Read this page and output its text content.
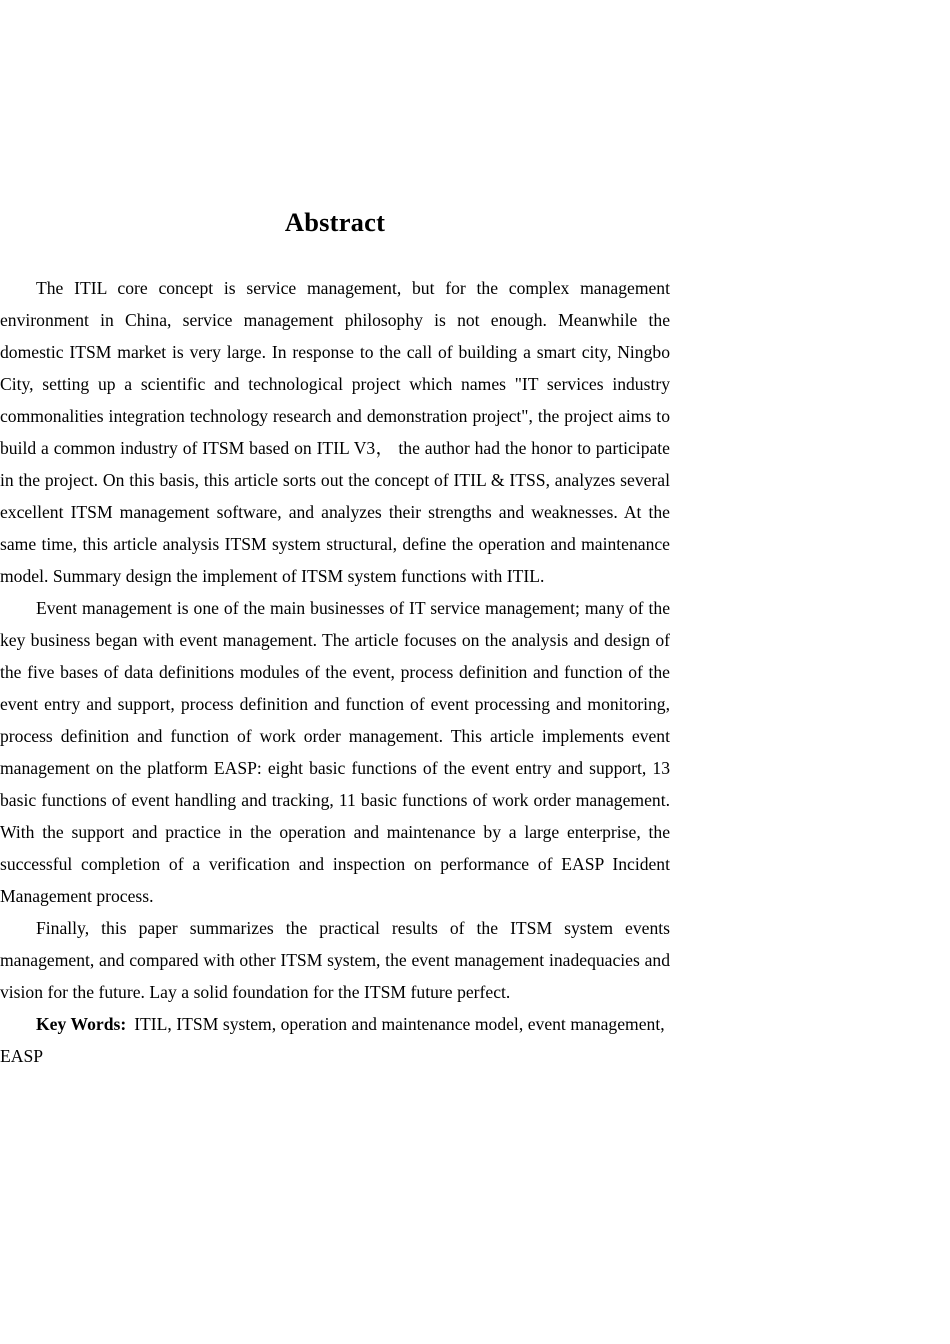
Abstract

The ITIL core concept is service management, but for the complex management environment in China, service management philosophy is not enough. Meanwhile the domestic ITSM market is very large. In response to the call of building a smart city, Ningbo City, setting up a scientific and technological project which names "IT services industry commonalities integration technology research and demonstration project", the project aims to build a common industry of ITSM based on ITIL V3， the author had the honor to participate in the project. On this basis, this article sorts out the concept of ITIL & ITSS, analyzes several excellent ITSM management software, and analyzes their strengths and weaknesses. At the same time, this article analysis ITSM system structural, define the operation and maintenance model. Summary design the implement of ITSM system functions with ITIL.

Event management is one of the main businesses of IT service management; many of the key business began with event management. The article focuses on the analysis and design of the five bases of data definitions modules of the event, process definition and function of the event entry and support, process definition and function of event processing and monitoring, process definition and function of work order management. This article implements event management on the platform EASP: eight basic functions of the event entry and support, 13 basic functions of event handling and tracking, 11 basic functions of work order management. With the support and practice in the operation and maintenance by a large enterprise, the successful completion of a verification and inspection on performance of EASP Incident Management process.

Finally, this paper summarizes the practical results of the ITSM system events management, and compared with other ITSM system, the event management inadequacies and vision for the future. Lay a solid foundation for the ITSM future perfect.

Key Words: ITIL, ITSM system, operation and maintenance model, event management, EASP
